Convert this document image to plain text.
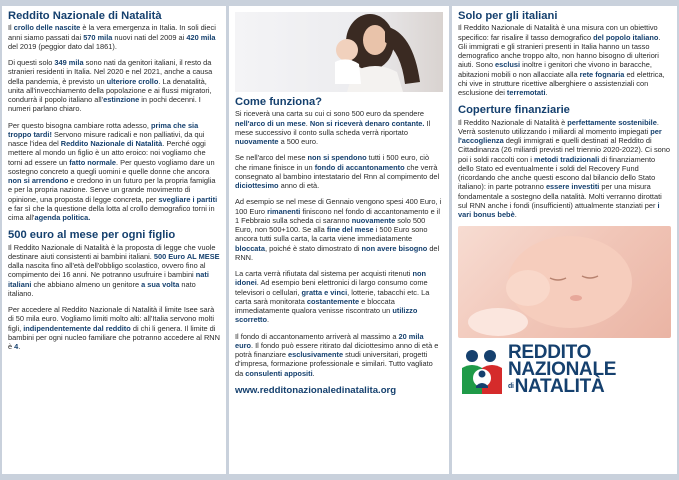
Reddito Nazionale di Natalità

Il crollo delle nascite è la vera emergenza in Italia. In soli dieci anni siamo passati dai 570 mila nuovi nati del 2009 ai 420 mila del 2019 (peggior dato dal 1861).

Di questi solo 349 mila sono nati da genitori italiani, il resto da stranieri residenti in Italia. Nel 2020 e nel 2021, anche a causa della pandemia, è previsto un ulteriore crollo. La denatalità, unita all'invecchiamento della popolazione e ai flussi migratori, condurrà il popolo italiano all'estinzione in pochi decenni. I numeri parlano chiaro.

Per questo bisogna cambiare rotta adesso, prima che sia troppo tardi! Servono misure radicali e non palliativi, da qui nasce l'idea del Reddito Nazionale di Natalità. Perché oggi mettere al mondo un figlio è un atto eroico: noi vogliamo che torni ad essere un fatto normale. Per questo vogliamo dare un sostegno concreto a quegli uomini e quelle donne che ancora non si arrendono e credono in un futuro per la propria famiglia e per la propria nazione. Serve un grande movimento di opinione, una proposta di legge concreta, per svegliare i partiti e far sì che la questione della lotta al crollo demografico torni in cima all'agenda politica.

500 euro al mese per ogni figlio

Il Reddito Nazionale di Natalità è la proposta di legge che vuole destinare aiuti consistenti ai bambini italiani. 500 Euro AL MESE dalla nascita fino all'età dell'obbligo scolastico, ovvero fino al compimento dei 16 anni. Ne potranno usufruire i bambini nati italiani che abbiano almeno un genitore a sua volta nato italiano.

Per accedere al Reddito Nazionale di Natalità il limite Isee sarà di 50 mila euro. Vogliamo limiti molto alti: all'Italia servono molti figli, indipendentemente dal reddito di chi li genera. Il limite di bambini per ogni nucleo familiare che potranno accedere al RNN è 4.

Come funziona?

Si riceverà una carta su cui ci sono 500 euro da spendere nell'arco di un mese. Non si riceverà denaro contante. Il mese successivo il conto sulla scheda verrà riportato nuovamente a 500 euro.

Se nell'arco del mese non si spendono tutti i 500 euro, ciò che rimane finisce in un fondo di accantonamento che verrà consegnato al bambino intestatario del Rnn al compimento del diciottesimo anno di età.

Ad esempio se nel mese di Gennaio vengono spesi 400 Euro, i 100 Euro rimanenti finiscono nel fondo di accantonamento e il 1 Febbraio sulla scheda ci saranno nuovamente solo 500 Euro, non 500+100. Se alla fine del mese i 500 Euro sono ancora tutti sulla carta, la carta viene immediatamente bloccata, poiché è stato dimostrato di non avere bisogno del RNN.

La carta verrà rifiutata dal sistema per acquisti ritenuti non idonei. Ad esempio beni elettronici di largo consumo come televisori o cellulari, gratta e vinci, lotterie, tabacchi etc. La carta sarà monitorata costantemente e bloccata immediatamente qualora venisse riscontrato un utilizzo scorretto.

Il fondo di accantonamento arriverà al massimo a 20 mila euro. Il fondo può essere ritirato dal diciottesimo anno di età e potrà finanziare esclusivamente studi universitari, progetti d'impresa, formazione professionale e similari. Tutto vagliato da consulenti appositi.

www.redditonazionaledinatalita.org
Solo per gli italiani

Il Reddito Nazionale di Natalità è una misura con un obiettivo specifico: far risalire il tasso demografico del popolo italiano. Gli immigrati e gli stranieri presenti in Italia hanno un tasso demografico anche troppo alto, non hanno bisogno di ulteriori aiuti. Sono esclusi inoltre i genitori che vivono in baracche, abitazioni mobili o non allacciate alla rete fognaria ed elettrica, chi vive in strutture ricettive alberghiere o assistenziali con esclusione dei terremotati.

Coperture finanziarie

Il Reddito Nazionale di Natalità è perfettamente sostenibile. Verrà sostenuto utilizzando i miliardi al momento impiegati per l'accoglienza degli immigrati e quelli destinati al Reddito di Cittadinanza (26 miliardi previsti nel triennio 2020-2022). Ci sono poi i soldi raccolti con i metodi tradizionali di finanziamento dello Stato ed eventualmente i soldi del Recovery Fund (ricordando che anche questi escono dal bilancio dello Stato italiano): in parte potranno essere investiti per una misura fondamentale a sostegno della natalità. Molti verranno dirottati sul RNN anche i fondi (insufficienti) attualmente stanziati per i vari bonus bebè.

REDDITO
NAZIONALE
diNATALITÀ
